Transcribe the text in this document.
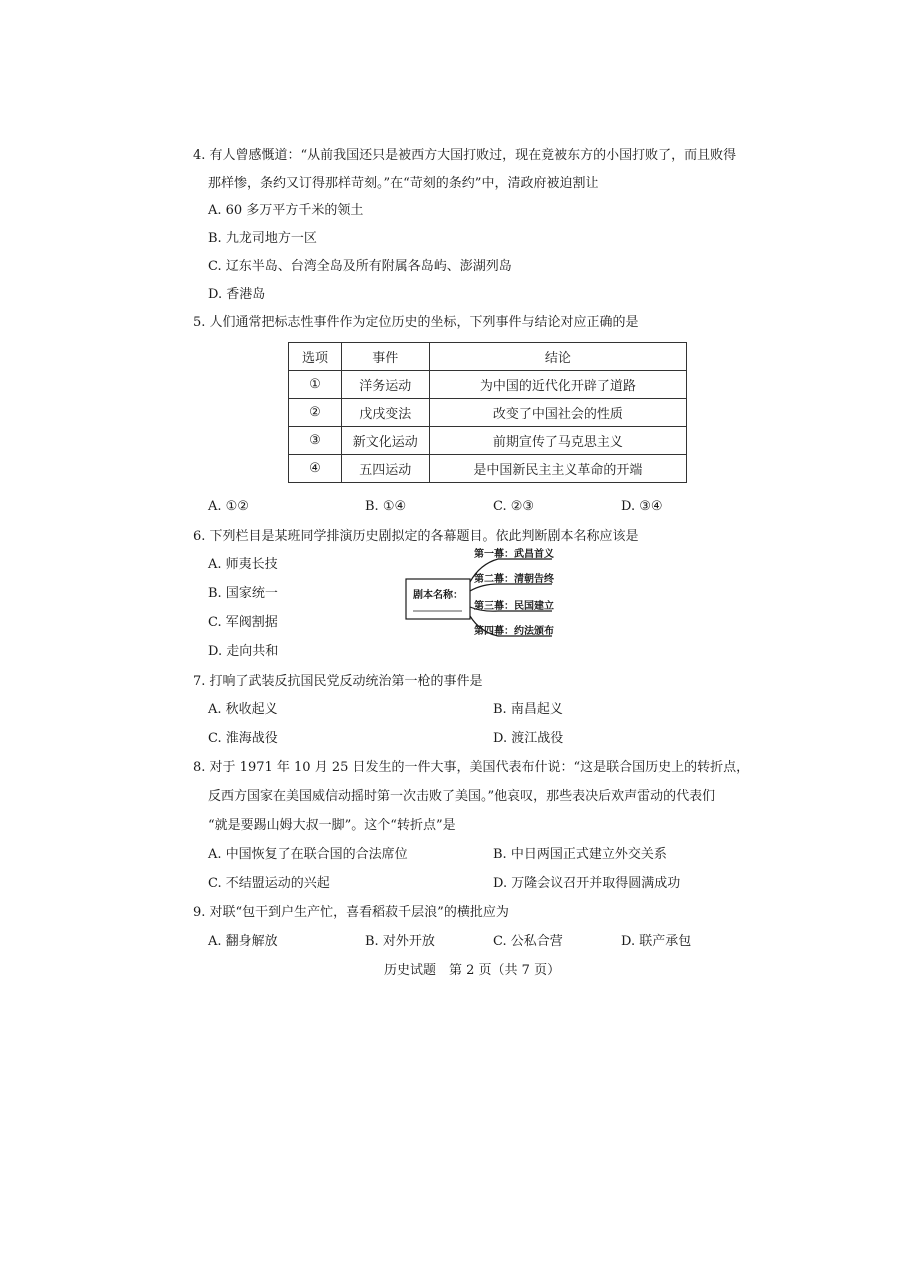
4. 有人曾感慨道：“从前我国还只是被西方大国打败过，现在竟被东方的小国打败了，而且败得
那样惨，条约又订得那样苛刻。”在“苛刻的条约”中，清政府被迫割让
A. 60 多万平方千米的领土
B. 九龙司地方一区
C. 辽东半岛、台湾全岛及所有附属各岛屿、澎湖列岛
D. 香港岛
5. 人们通常把标志性事件作为定位历史的坐标，下列事件与结论对应正确的是
选项	事件	结论
①	洋务运动	为中国的近代化开辟了道路
②	戊戌变法	改变了中国社会的性质
③	新文化运动	前期宣传了马克思主义
④	五四运动	是中国新民主主义革命的开端
A. ①②	B. ①④	C. ②③	D. ③④
6. 下列栏目是某班同学排演历史剧拟定的各幕题目。依此判断剧本名称应该是
A. 师夷长技
B. 国家统一
C. 军阀割据
D. 走向共和
剧本名称：
第一幕：武昌首义
第二幕：清朝告终
第三幕：民国建立
第四幕：约法颁布
7. 打响了武装反抗国民党反动统治第一枪的事件是
A. 秋收起义	B. 南昌起义
C. 淮海战役	D. 渡江战役
8. 对于 1971 年 10 月 25 日发生的一件大事，美国代表布什说：“这是联合国历史上的转折点，
反西方国家在美国威信动摇时第一次击败了美国。”他哀叹，那些表决后欢声雷动的代表们
“就是要踢山姆大叔一脚”。这个“转折点”是
A. 中国恢复了在联合国的合法席位	B. 中日两国正式建立外交关系
C. 不结盟运动的兴起	D. 万隆会议召开并取得圆满成功
9. 对联“包干到户生产忙，喜看稻菽千层浪”的横批应为
A. 翻身解放	B. 对外开放	C. 公私合营	D. 联产承包
历史试题　第 2 页（共 7 页）
